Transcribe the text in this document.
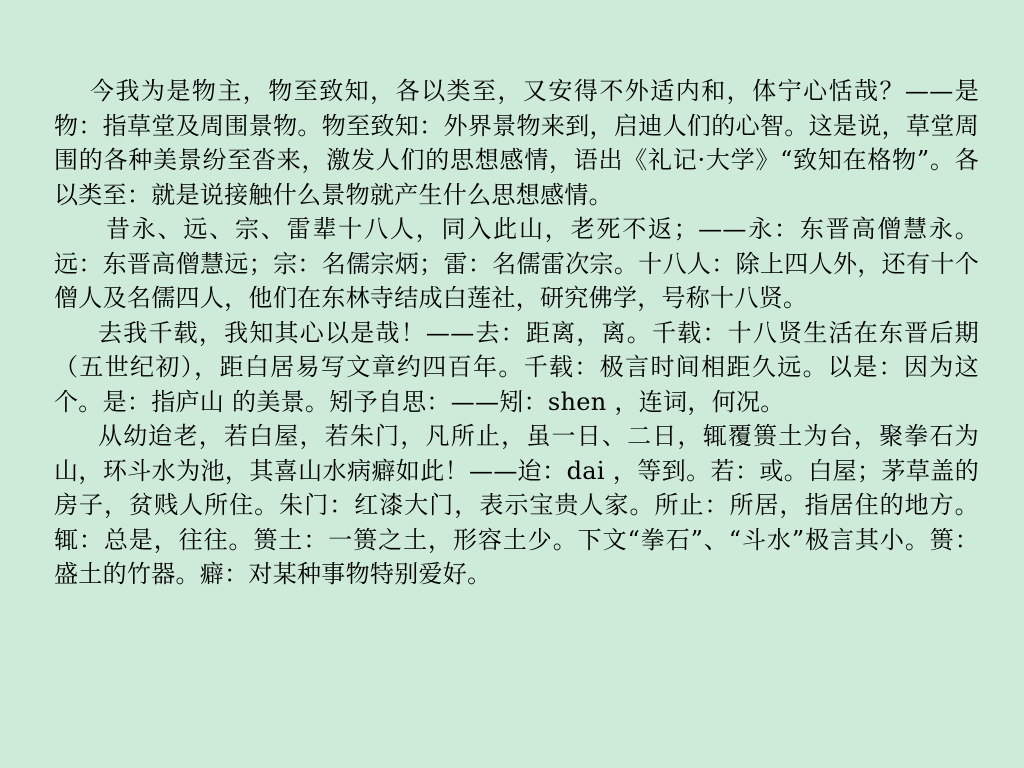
今我为是物主，物至致知，各以类至，又安得不外适内和，体宁心恬哉？——是物：指草堂及周围景物。物至致知：外界景物来到，启迪人们的心智。这是说，草堂周围的各种美景纷至沓来，激发人们的思想感情，语出《礼记·大学》“致知在格物”。各以类至：就是说接触什么景物就产生什么思想感情。

昔永、远、宗、雷辈十八人，同入此山，老死不返；——永：东晋高僧慧永。远：东晋高僧慧远；宗：名儒宗炳；雷：名儒雷次宗。十八人：除上四人外，还有十个僧人及名儒四人，他们在东林寺结成白莲社，研究佛学，号称十八贤。

去我千载，我知其心以是哉！——去：距离，离。千载：十八贤生活在东晋后期（五世纪初），距白居易写文章约四百年。千载：极言时间相距久远。以是：因为这个。是：指庐山 的美景。矧予自思：——矧：shen ，连词，何况。

从幼迨老，若白屋，若朱门，凡所止，虽一日、二日，辄覆篑土为台，聚拳石为山，环斗水为池，其喜山水病癖如此！——迨：dai ，等到。若：或。白屋；茅草盖的房子，贫贱人所住。朱门：红漆大门，表示宝贵人家。所止：所居，指居住的地方。辄：总是，往往。篑土：一篑之土，形容土少。下文“拳石”、“斗水”极言其小。篑：盛土的竹器。癖：对某种事物特别爱好。
